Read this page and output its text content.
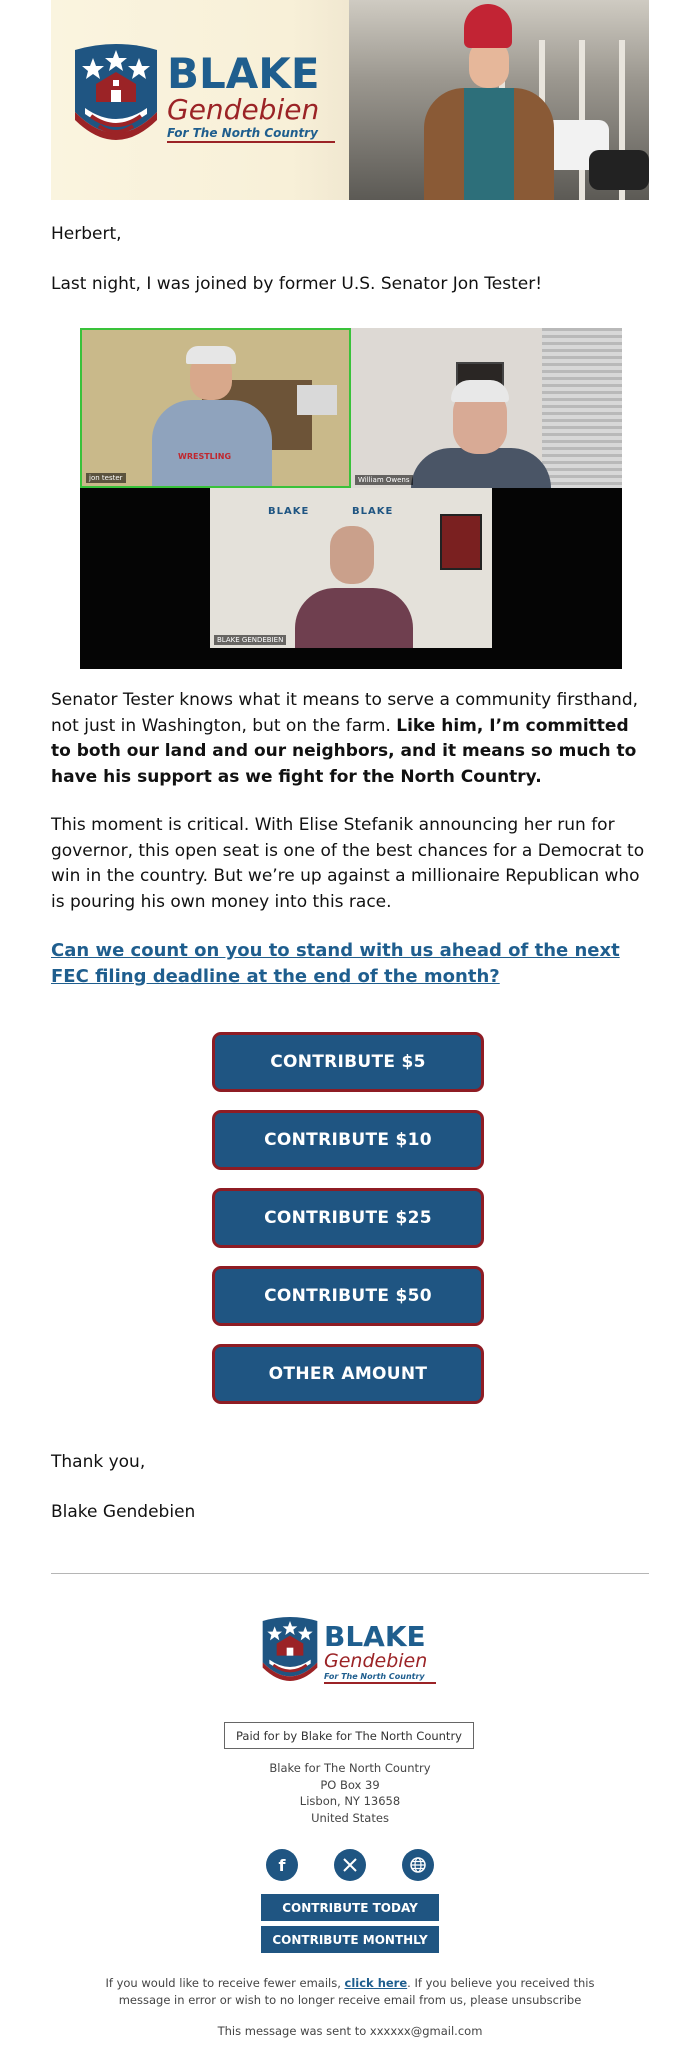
BLAKE
Gendebien
For The North Country
Herbert,
Last night, I was joined by former U.S. Senator Jon Tester!
WRESTLING
jon tester	William Owens
BLAKE	BLAKE
BLAKE GENDEBIEN
Senator Tester knows what it means to serve a community firsthand, not just in Washington, but on the farm. Like him, I’m committed to both our land and our neighbors, and it means so much to have his support as we fight for the North Country.
This moment is critical. With Elise Stefanik announcing her run for governor, this open seat is one of the best chances for a Democrat to win in the country. But we’re up against a millionaire Republican who is pouring his own money into this race.
Can we count on you to stand with us ahead of the next FEC filing deadline at the end of the month?
CONTRIBUTE $5
CONTRIBUTE $10
CONTRIBUTE $25
CONTRIBUTE $50
OTHER AMOUNT
Thank you,
Blake Gendebien
BLAKE
Gendebien
For The North Country
Paid for by Blake for The North Country
Blake for The North Country
PO Box 39
Lisbon, NY 13658
United States
f
CONTRIBUTE TODAY
CONTRIBUTE MONTHLY
If you would like to receive fewer emails, click here. If you believe you received this message in error or wish to no longer receive email from us, please unsubscribe
This message was sent to xxxxxx@gmail.com
